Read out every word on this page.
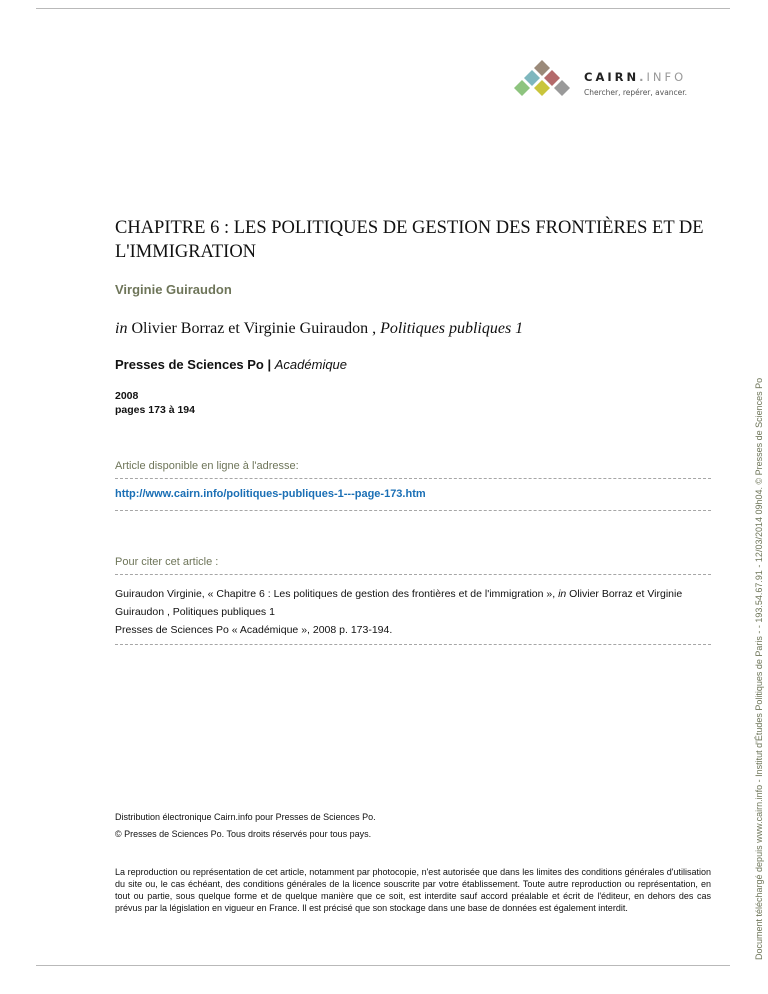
CAIRN.INFO
Chercher, repérer, avancer.
CHAPITRE 6 : LES POLITIQUES DE GESTION DES FRONTIÈRES ET DE L'IMMIGRATION
Virginie Guiraudon
in Olivier Borraz et Virginie Guiraudon , Politiques publiques 1
Presses de Sciences Po | Académique
2008
pages 173 à 194
Article disponible en ligne à l'adresse:
http://www.cairn.info/politiques-publiques-1---page-173.htm
Pour citer cet article :
Guiraudon Virginie, « Chapitre 6 : Les politiques de gestion des frontières et de l'immigration », in Olivier Borraz et Virginie Guiraudon , Politiques publiques 1
Presses de Sciences Po « Académique », 2008 p. 173-194.
Distribution électronique Cairn.info pour Presses de Sciences Po.
© Presses de Sciences Po. Tous droits réservés pour tous pays.
La reproduction ou représentation de cet article, notamment par photocopie, n'est autorisée que dans les limites des conditions générales d'utilisation du site ou, le cas échéant, des conditions générales de la licence souscrite par votre établissement. Toute autre reproduction ou représentation, en tout ou partie, sous quelque forme et de quelque manière que ce soit, est interdite sauf accord préalable et écrit de l'éditeur, en dehors des cas prévus par la législation en vigueur en France. Il est précisé que son stockage dans une base de données est également interdit.	Document téléchargé depuis www.cairn.info - Institut d'Études Politiques de Paris - - 193.54.67.91 - 12/03/2014 09h04. © Presses de Sciences Po
